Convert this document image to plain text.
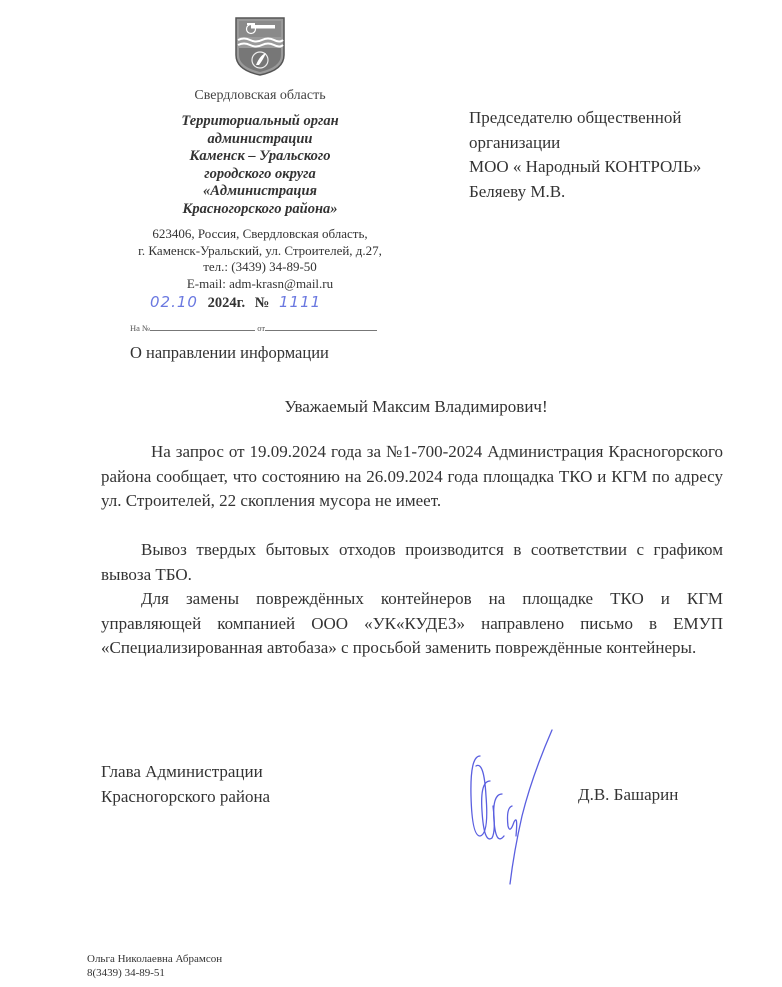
Свердловская область
Территориальный орган
администрации
Каменск – Уральского
городского округа
«Администрация
Красногорского района»
623406, Россия, Свердловская область,
г. Каменск-Уральский, ул. Строителей, д.27,
тел.: (3439) 34-89-50
E-mail: adm-krasn@mail.ru
02.10 2024г. № 1111
На №	от
О направлении информации
Председателю общественной
организации
МОО « Народный КОНТРОЛЬ»
Беляеву М.В.
Уважаемый Максим Владимирович!

На запрос от 19.09.2024 года за №1-700-2024 Администрация Красногорского района сообщает, что состоянию на 26.09.2024 года площадка ТКО и КГМ по адресу ул. Строителей, 22 скопления мусора не имеет.

Вывоз твердых бытовых отходов производится в соответствии с графиком вывоза ТБО.

Для замены повреждённых контейнеров на площадке ТКО и КГМ управляющей компанией ООО «УК«КУДЕЗ» направлено письмо в ЕМУП «Специализированная автобаза» с просьбой заменить повреждённые контейнеры.

Глава Администрации
Красногорского района	Д.В. Башарин
Ольга Николаевна Абрамсон
8(3439) 34-89-51
